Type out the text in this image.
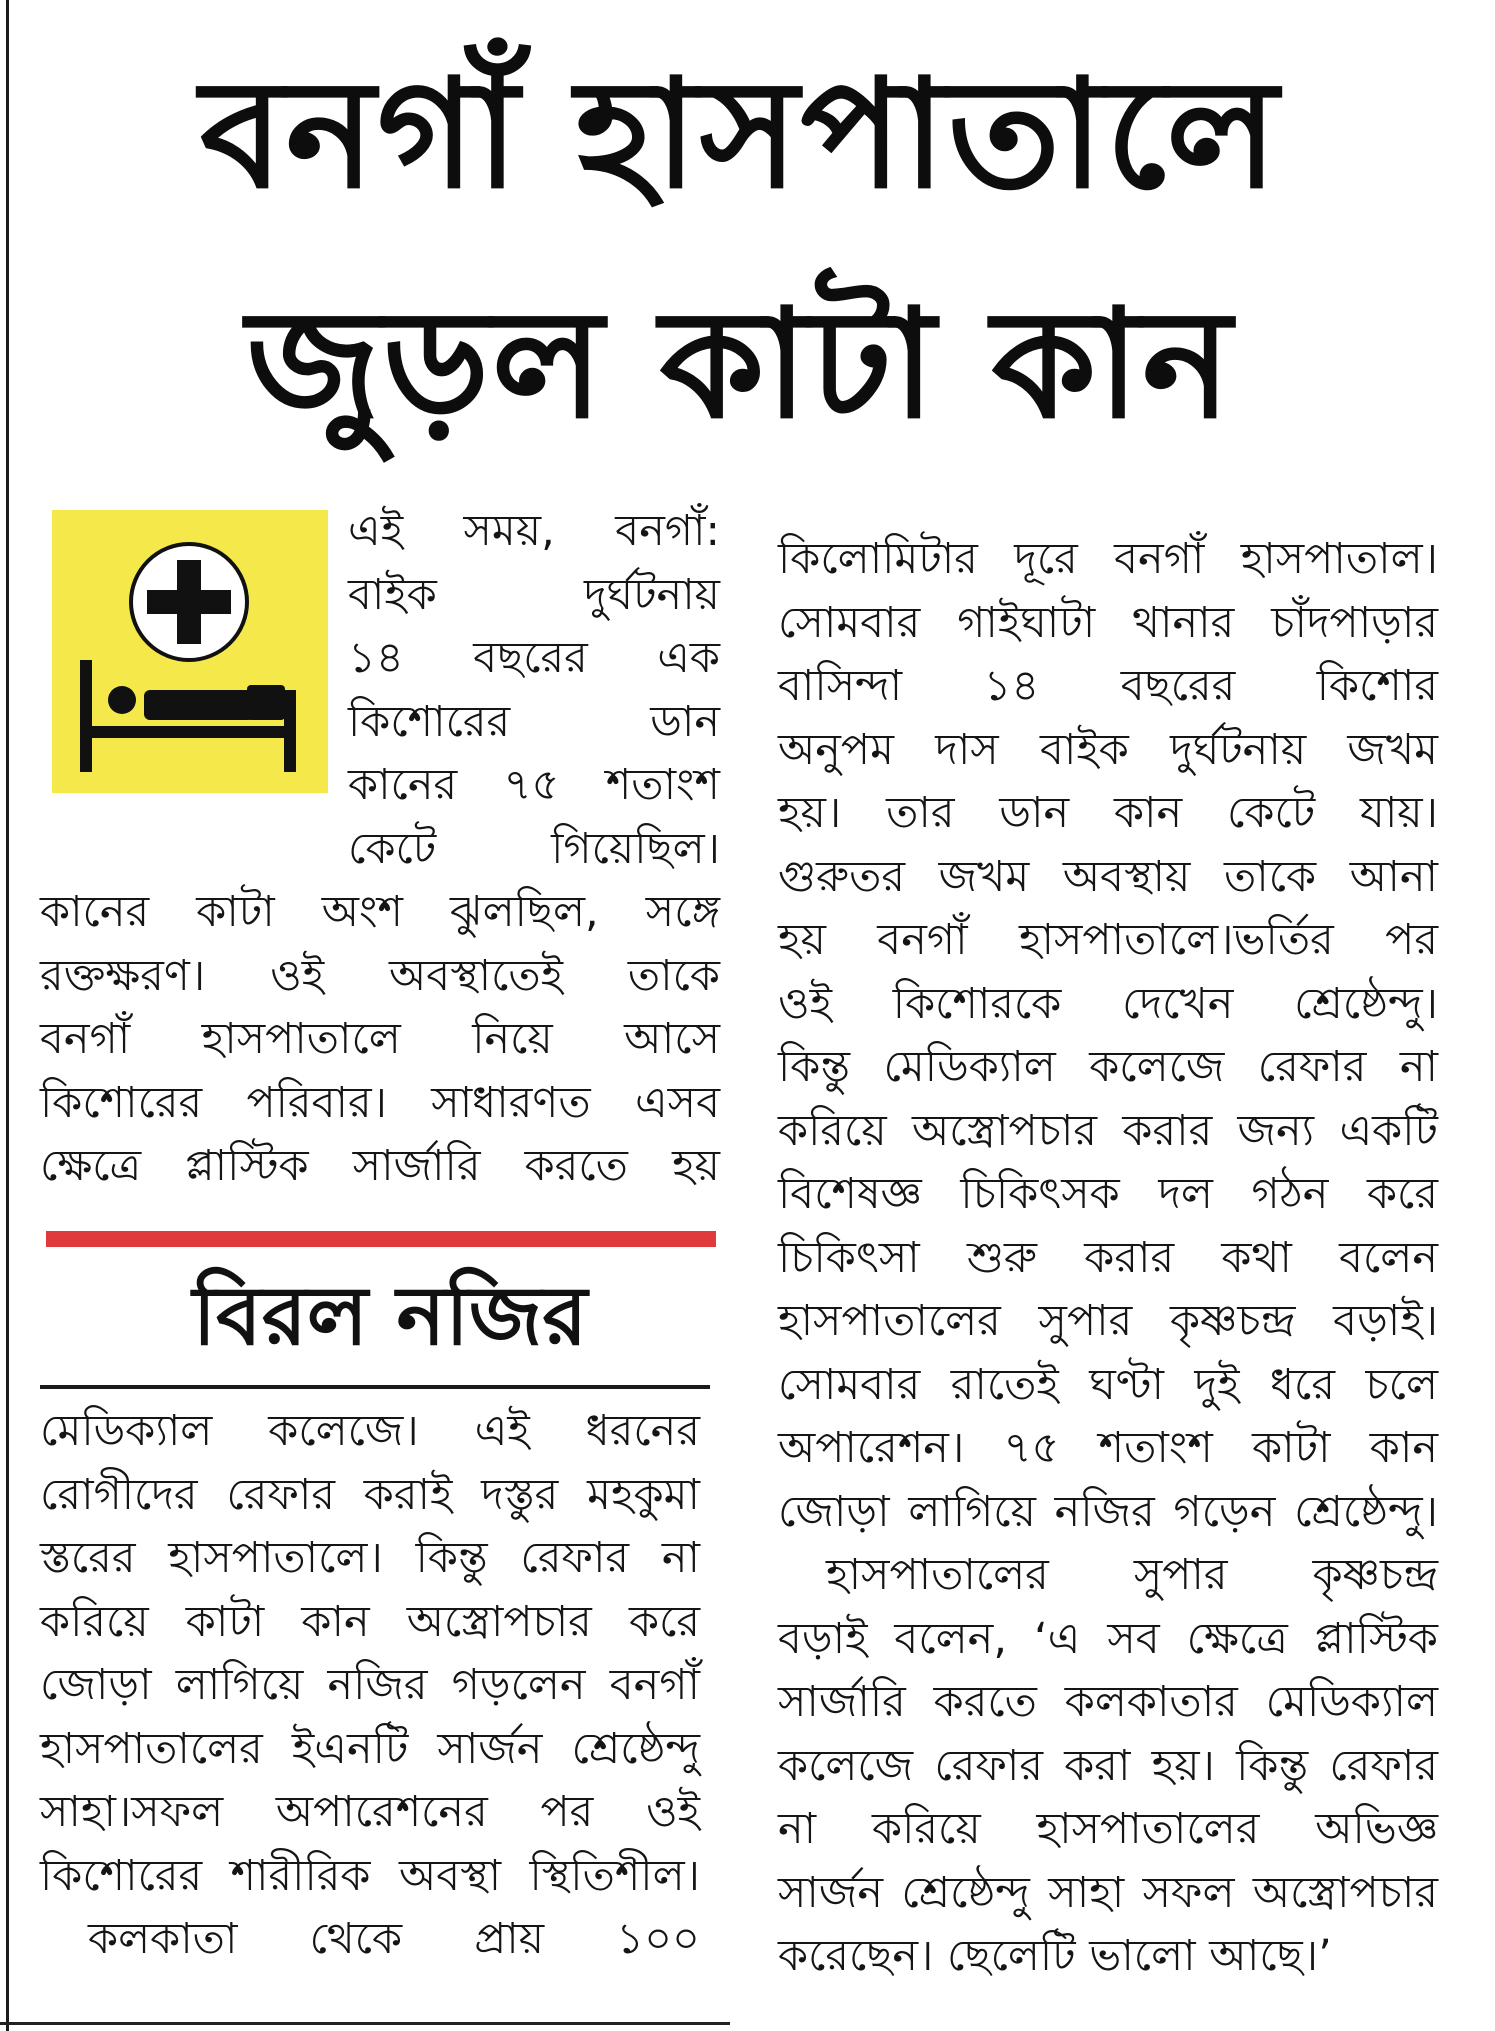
বনগাঁ হাসপাতালে
জুড়ল কাটা কান
এই সময়, বনগাঁ:
বাইক দুর্ঘটনায়
১৪ বছরের এক
কিশোরের ডান
কানের ৭৫ শতাংশ
কেটে গিয়েছিল।
কানের কাটা অংশ ঝুলছিল, সঙ্গে
রক্তক্ষরণ। ওই অবস্থাতেই তাকে
বনগাঁ হাসপাতালে নিয়ে আসে
কিশোরের পরিবার। সাধারণত এসব
ক্ষেত্রে প্লাস্টিক সার্জারি করতে হয়
বিরল নজির
মেডিক্যাল কলেজে। এই ধরনের
রোগীদের রেফার করাই দস্তুর মহকুমা
স্তরের হাসপাতালে। কিন্তু রেফার না
করিয়ে কাটা কান অস্ত্রোপচার করে
জোড়া লাগিয়ে নজির গড়লেন বনগাঁ
হাসপাতালের ইএনটি সার্জন শ্রেষ্ঠেন্দু
সাহা।সফল অপারেশনের পর ওই
কিশোরের শারীরিক অবস্থা স্থিতিশীল।
কলকাতা থেকে প্রায় ১০০
কিলোমিটার দূরে বনগাঁ হাসপাতাল।
সোমবার গাইঘাটা থানার চাঁদপাড়ার
বাসিন্দা ১৪ বছরের কিশোর
অনুপম দাস বাইক দুর্ঘটনায় জখম
হয়। তার ডান কান কেটে যায়।
গুরুতর জখম অবস্থায় তাকে আনা
হয় বনগাঁ হাসপাতালে।ভর্তির পর
ওই কিশোরকে দেখেন শ্রেষ্ঠেন্দু।
কিন্তু মেডিক্যাল কলেজে রেফার না
করিয়ে অস্ত্রোপচার করার জন্য একটি
বিশেষজ্ঞ চিকিৎসক দল গঠন করে
চিকিৎসা শুরু করার কথা বলেন
হাসপাতালের সুপার কৃষ্ণচন্দ্র বড়াই।
সোমবার রাতেই ঘণ্টা দুই ধরে চলে
অপারেশন। ৭৫ শতাংশ কাটা কান
জোড়া লাগিয়ে নজির গড়েন শ্রেষ্ঠেন্দু।
হাসপাতালের সুপার কৃষ্ণচন্দ্র
বড়াই বলেন, ‘এ সব ক্ষেত্রে প্লাস্টিক
সার্জারি করতে কলকাতার মেডিক্যাল
কলেজে রেফার করা হয়। কিন্তু রেফার
না করিয়ে হাসপাতালের অভিজ্ঞ
সার্জন শ্রেষ্ঠেন্দু সাহা সফল অস্ত্রোপচার
করেছেন। ছেলেটি ভালো আছে।’
